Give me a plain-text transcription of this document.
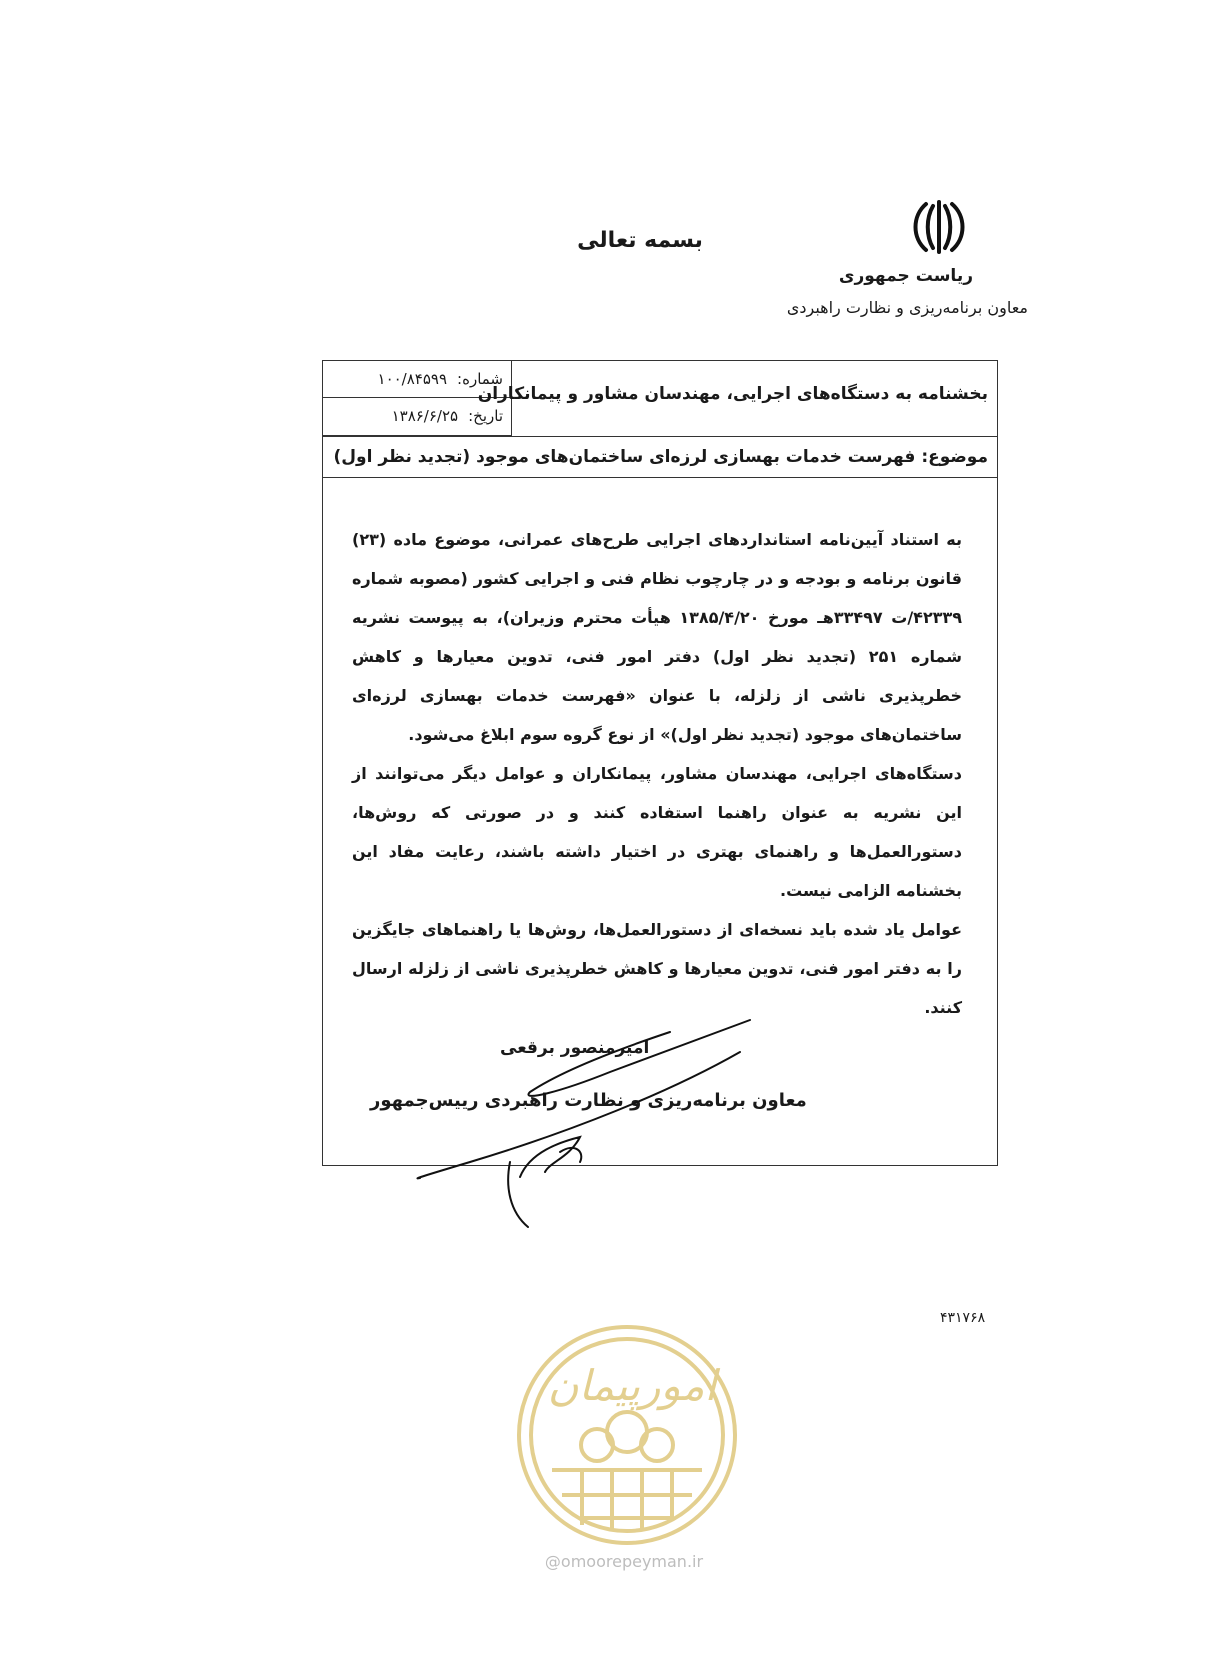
بسمه تعالی
ریاست جمهوری
معاون برنامه‌ریزی و نظارت راهبردی
شماره:
۱۰۰/۸۴۵۹۹
تاریخ:
۱۳۸۶/۶/۲۵
بخشنامه به دستگاه‌های اجرایی، مهندسان مشاور و پیمانکاران
موضوع: فهرست خدمات بهسازی لرزه‌ای ساختمان‌های موجود (تجدید نظر اول)

به استناد آیین‌نامه استانداردهای اجرایی طرح‌های عمرانی، موضوع ماده (۲۳) قانون برنامه و بودجه و در چارچوب نظام فنی و اجرایی کشور (مصوبه شماره ۴۲۳۳۹/ت ۳۳۴۹۷هـ مورخ ۱۳۸۵/۴/۲۰ هیأت محترم وزیران)، به پیوست نشریه شماره ۲۵۱ (تجدید نظر اول) دفتر امور فنی، تدوین معیارها و کاهش خطرپذیری ناشی از زلزله، با عنوان «فهرست خدمات بهسازی لرزه‌ای ساختمان‌های موجود (تجدید نظر اول)» از نوع گروه سوم ابلاغ می‌شود.

دستگاه‌های اجرایی، مهندسان مشاور، پیمانکاران و عوامل دیگر می‌توانند از این نشریه به عنوان راهنما استفاده کنند و در صورتی که روش‌ها، دستورالعمل‌ها و راهنمای بهتری در اختیار داشته باشند، رعایت مفاد این بخشنامه الزامی نیست.

عوامل یاد شده باید نسخه‌ای از دستورالعمل‌ها، روش‌ها یا راهنماهای جایگزین را به دفتر امور فنی، تدوین معیارها و کاهش خطرپذیری ناشی از زلزله ارسال کنند.

امیرمنصور برقعی
معاون برنامه‌ریزی و نظارت راهبردی رییس‌جمهور
۴۳۱۷۶۸
امورپیمان
@omoorepeyman.ir
